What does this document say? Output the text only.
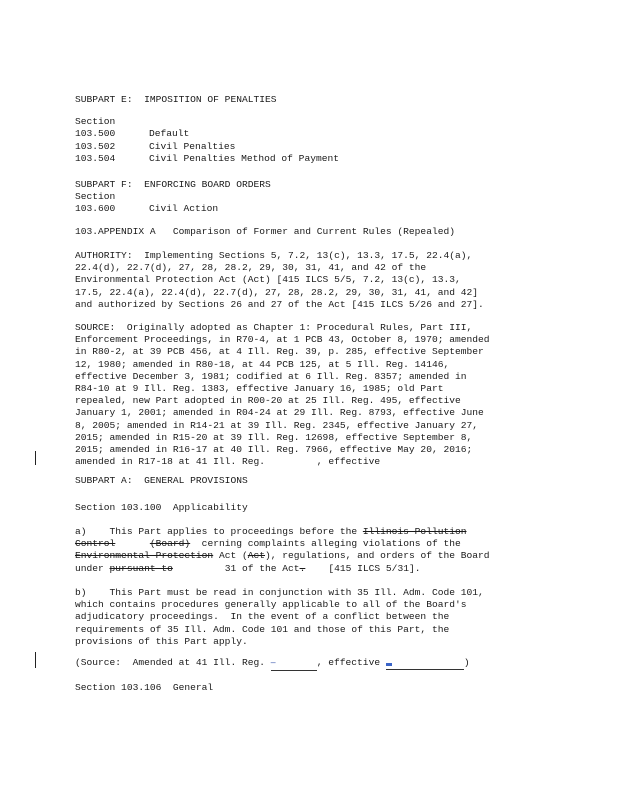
SUBPART E:  IMPOSITION OF PENALTIES
Section
103.500	Default
103.502	Civil Penalties
103.504	Civil Penalties Method of Payment
SUBPART F:  ENFORCING BOARD ORDERS
Section
103.600	Civil Action
103.APPENDIX A   Comparison of Former and Current Rules (Repealed)
AUTHORITY:  Implementing Sections 5, 7.2, 13(c), 13.3, 17.5, 22.4(a),
22.4(d), 22.7(d), 27, 28, 28.2, 29, 30, 31, 41, and 42 of the
Environmental Protection Act (Act) [415 ILCS 5/5, 7.2, 13(c), 13.3,
17.5, 22.4(a), 22.4(d), 22.7(d), 27, 28, 28.2, 29, 30, 31, 41, and 42]
and authorized by Sections 26 and 27 of the Act [415 ILCS 5/26 and 27].
SOURCE:  Originally adopted as Chapter 1: Procedural Rules, Part III,
Enforcement Proceedings, in R70-4, at 1 PCB 43, October 8, 1970; amended
in R80-2, at 39 PCB 456, at 4 Ill. Reg. 39, p. 285, effective September
12, 1980; amended in R80-18, at 44 PCB 125, at 5 Ill. Reg. 14146,
effective December 3, 1981; codified at 6 Ill. Reg. 8357; amended in
R84-10 at 9 Ill. Reg. 1383, effective January 16, 1985; old Part
repealed, new Part adopted in R00-20 at 25 Ill. Reg. 495, effective
January 1, 2001; amended in R04-24 at 29 Ill. Reg. 8793, effective June
8, 2005; amended in R14-21 at 39 Ill. Reg. 2345, effective January 27,
2015; amended in R15-20 at 39 Ill. Reg. 12698, effective September 8,
2015; amended in R16-17 at 40 Ill. Reg. 7966, effective May 20, 2016;
amended in R17-18 at 41 Ill. Reg.         , effective
SUBPART A:  GENERAL PROVISIONS
Section 103.100  Applicability
a)    This Part applies to proceedings before the Illinois Pollution
Control	(Board)  cerning complaints alleging violations of the
Environmental Protection Act (Act), regulations, and orders of the Board
under pursuant to         31 of the Act.    [415 ILCS 5/31].
b)    This Part must be read in conjunction with 35 Ill. Adm. Code 101,
which contains procedures generally applicable to all of the Board's
adjudicatory proceedings.  In the event of a conflict between the
requirements of 35 Ill. Adm. Code 101 and those of this Part, the
provisions of this Part apply.
(Source:  Amended at 41 Ill. Reg. —	, effective	)
Section 103.106  General
